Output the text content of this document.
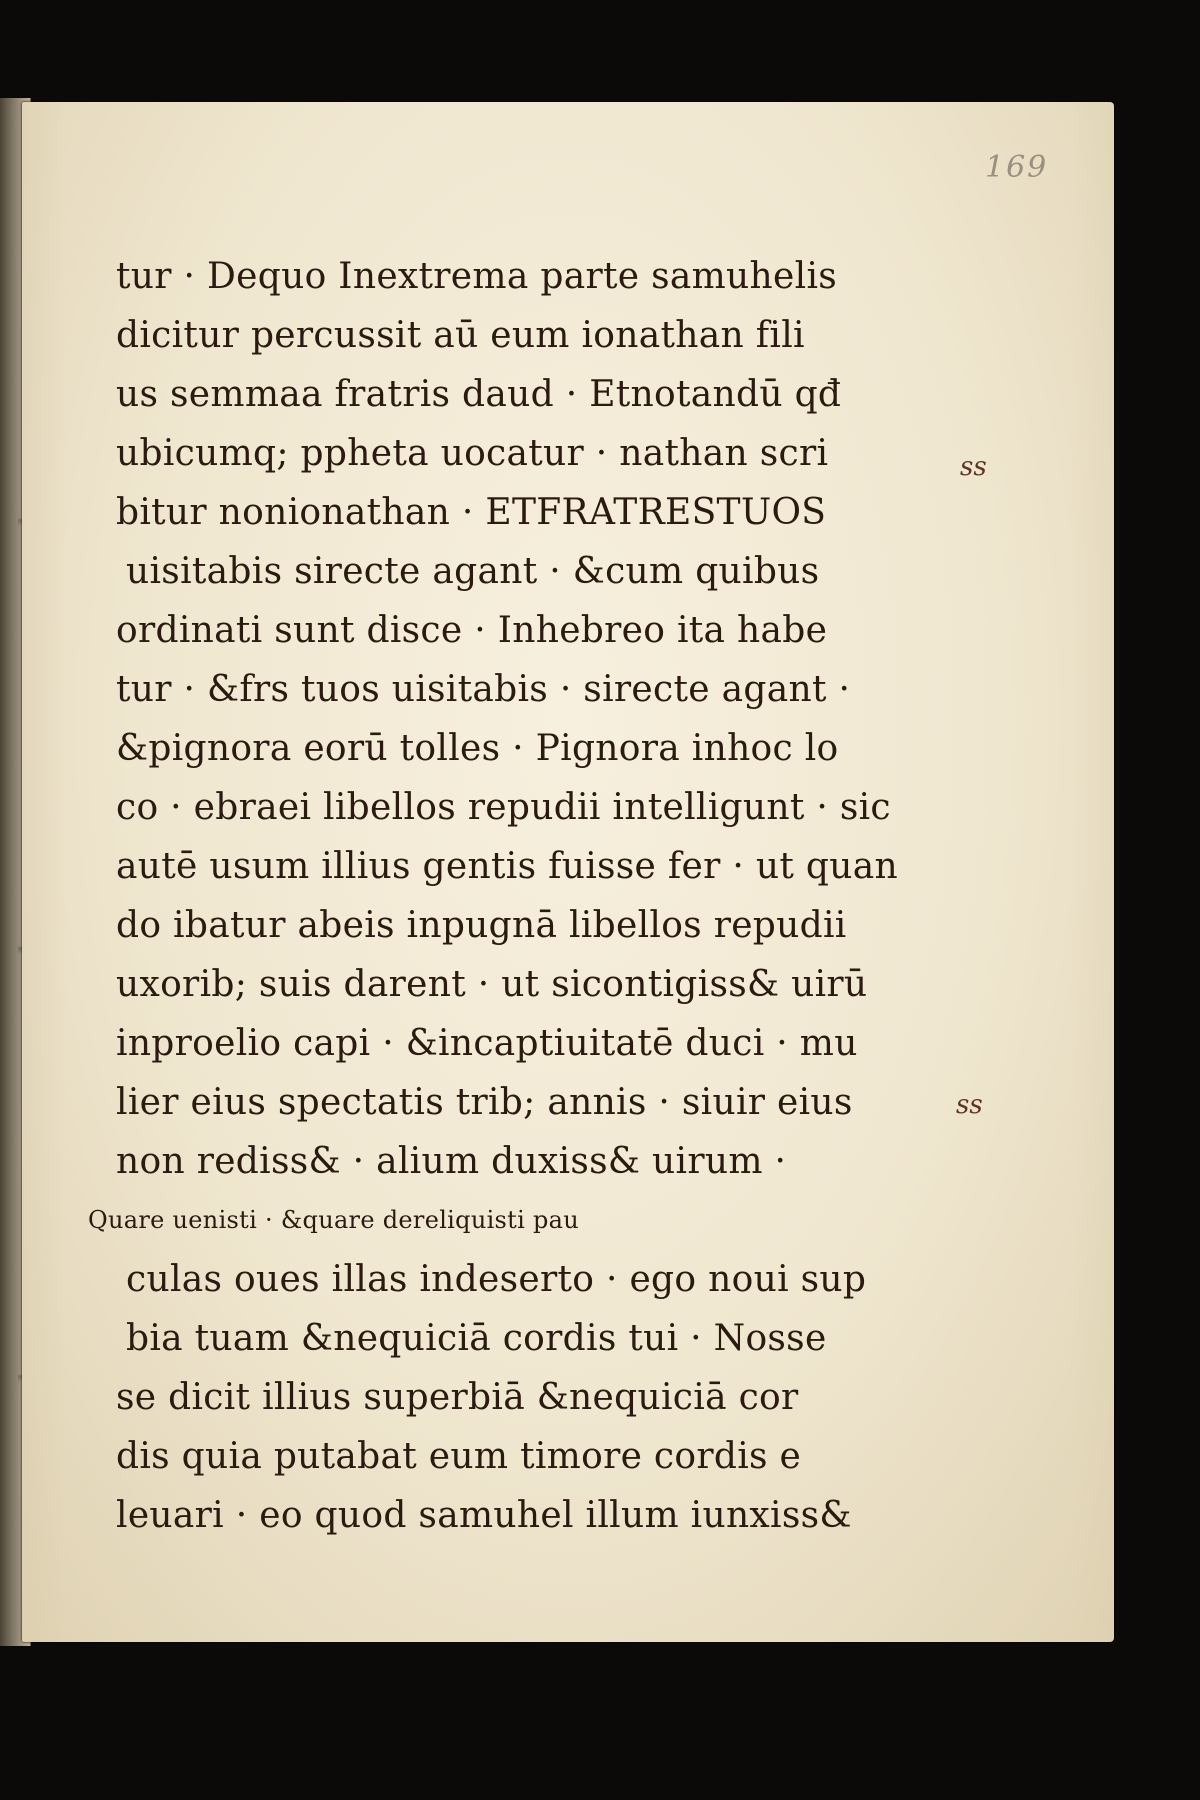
169
tur · Dequo Inextrema parte samuhelis
dicitur percussit aū eum ionathan fili
us semmaa fratris daud · Etnotandū qđ
ubicumq; ppheta uocatur · nathan scri
bitur nonionathan · ETFRATRESTUOS
uisitabis sirecte agant · &cum quibus
ordinati sunt disce · Inhebreo ita habe
tur · &frs tuos uisitabis · sirecte agant ·
&pignora eorū tolles · Pignora inhoc lo
co · ebraei libellos repudii intelligunt · sic
autē usum illius gentis fuisse fer · ut quan
do ibatur abeis inpugnā libellos repudii
uxorib; suis darent · ut sicontigiss& uirū
inproelio capi · &incaptiuitatē duci · mu
lier eius spectatis trib; annis · siuir eius
non rediss& · alium duxiss& uirum ·
Quare uenisti · &quare dereliquisti pau
culas oues illas indeserto · ego noui sup
bia tuam &nequiciā cordis tui · Nosse
se dicit illius superbiā &nequiciā cor
dis quia putabat eum timore cordis e
leuari · eo quod samuhel illum iunxiss&
ss
ss
